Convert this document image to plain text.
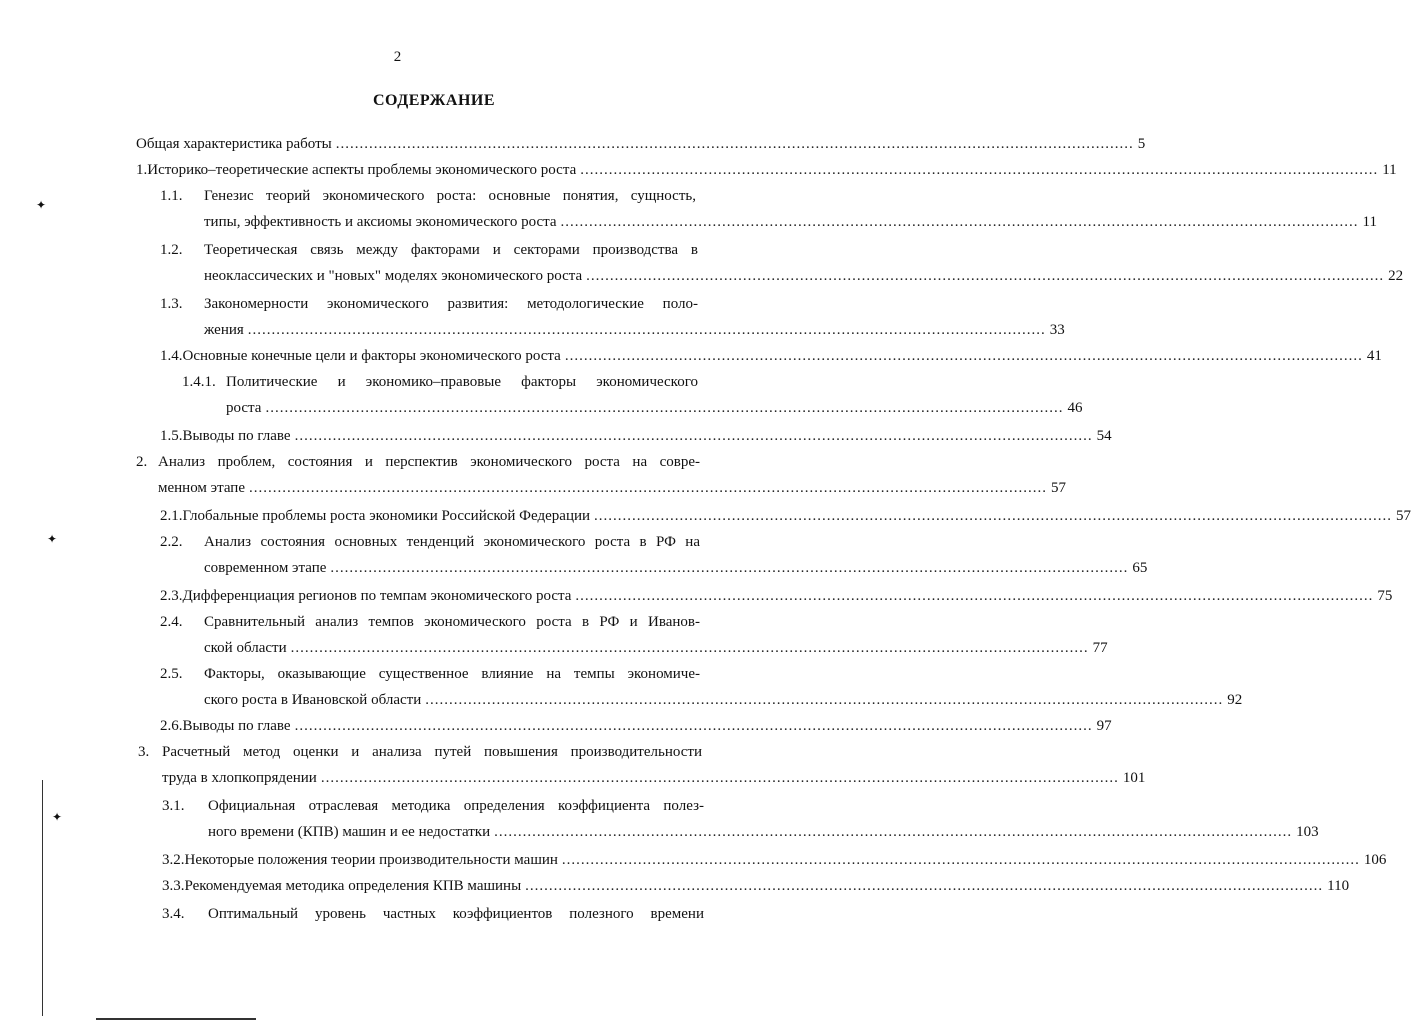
2
СОДЕРЖАНИЕ
✦
✦
✦
Общая характеристика работы ........................................................................................................................................................................ 5
1. Историко–теоретические аспекты проблемы экономического роста ........................................................................................................................................................................ 11
1.1.	Генезис теорий экономического роста: основные понятия, сущность,
типы, эффективность и аксиомы экономического роста ........................................................................................................................................................................ 11
1.2.	Теоретическая связь между факторами и секторами производства в
неоклассических и "новых" моделях экономического роста ........................................................................................................................................................................ 22
1.3.	Закономерности экономического развития: методологические поло-
жения ........................................................................................................................................................................ 33
1.4. Основные конечные цели и факторы экономического роста ........................................................................................................................................................................ 41
1.4.1. Политические и экономико–правовые факторы экономического
роста ........................................................................................................................................................................ 46
1.5. Выводы по главе ........................................................................................................................................................................ 54
2. Анализ проблем, состояния и перспектив экономического роста на совре-
менном этапе ........................................................................................................................................................................ 57
2.1. Глобальные проблемы роста экономики Российской Федерации ........................................................................................................................................................................ 57
2.2.	Анализ состояния основных тенденций экономического роста в РФ на
современном этапе ........................................................................................................................................................................ 65
2.3. Дифференциация регионов по темпам экономического роста ........................................................................................................................................................................ 75
2.4.	Сравнительный анализ темпов экономического роста в РФ и Иванов-
ской области ........................................................................................................................................................................ 77
2.5.	Факторы, оказывающие существенное влияние на темпы экономиче-
ского роста в Ивановской области ........................................................................................................................................................................ 92
2.6. Выводы по главе ........................................................................................................................................................................ 97
3. Расчетный метод оценки и анализа путей повышения производительности
труда в хлопкопрядении ........................................................................................................................................................................ 101
3.1.	Официальная отраслевая методика определения коэффициента полез-
ного времени (КПВ) машин и ее недостатки ........................................................................................................................................................................ 103
3.2. Некоторые положения теории производительности машин ........................................................................................................................................................................ 106
3.3. Рекомендуемая методика определения КПВ машины ........................................................................................................................................................................ 110
3.4.	Оптимальный уровень частных коэффициентов полезного времени
